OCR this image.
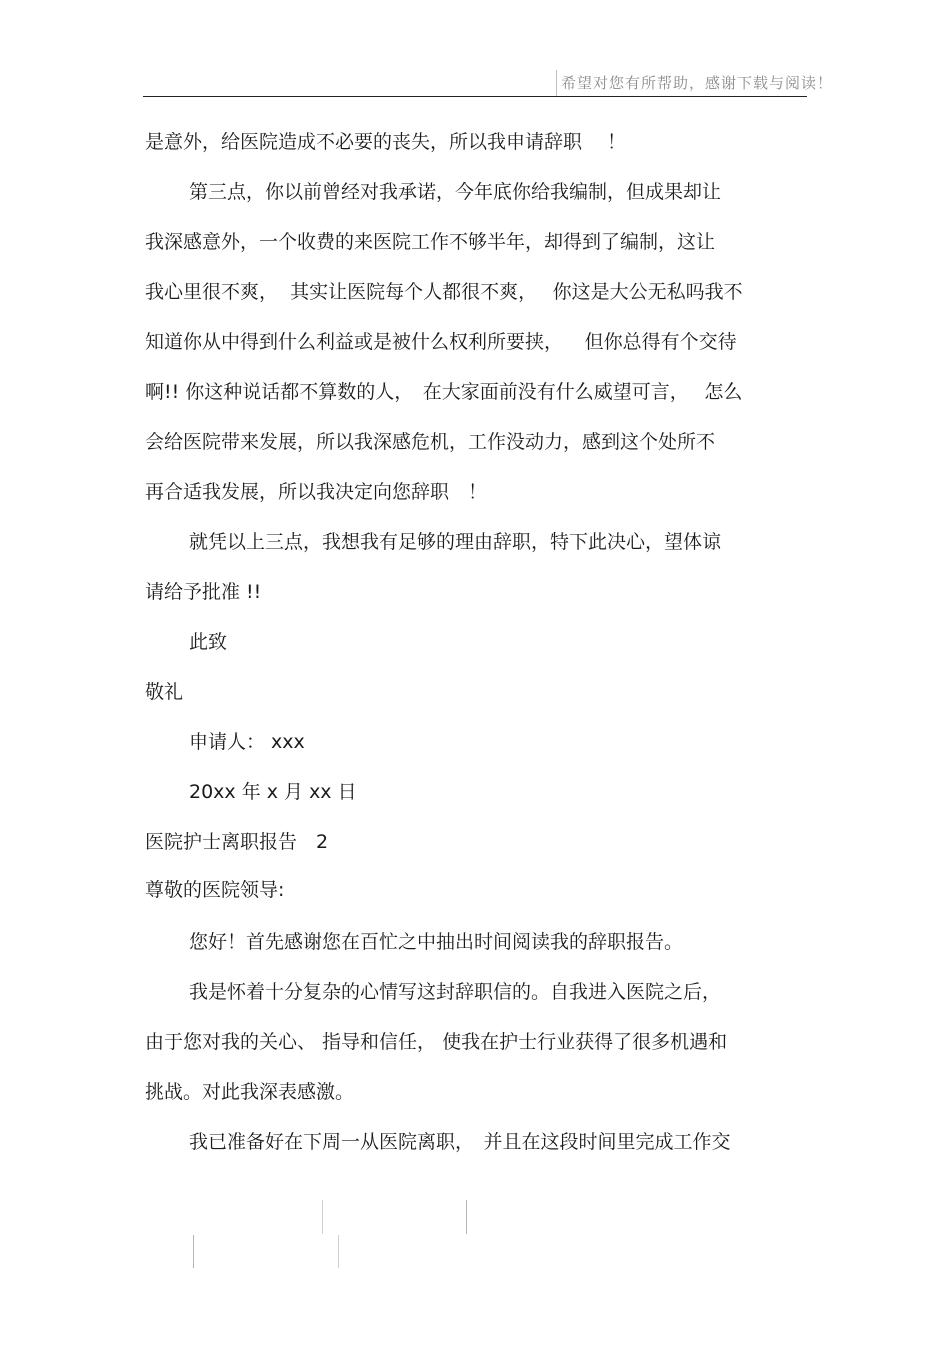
希望对您有所帮助，感谢下载与阅读！
是意外，给医院造成不必要的丧失，所以我申请辞职　 ！
第三点，你以前曾经对我承诺，今年底你给我编制，但成果却让
我深感意外，一个收费的来医院工作不够半年，却得到了编制，这让
我心里很不爽，  其实让医院每个人都很不爽，　 你这是大公无私吗我不
知道你从中得到什么利益或是被什么权利所要挟，　  但你总得有个交待
啊!! 你这种说话都不算数的人，　在大家面前没有什么威望可言，　 怎么
会给医院带来发展，所以我深感危机，工作没动力，感到这个处所不
再合适我发展，所以我决定向您辞职　！
就凭以上三点，我想我有足够的理由辞职，特下此决心，望体谅
请给予批准 !!
此致
敬礼
申请人： xxx
20xx 年 x 月 xx 日
医院护士离职报告　2
尊敬的医院领导:
您好！首先感谢您在百忙之中抽出时间阅读我的辞职报告。
我是怀着十分复杂的心情写这封辞职信的。自我进入医院之后，
由于您对我的关心、 指导和信任， 使我在护士行业获得了很多机遇和
挑战。对此我深表感激。
我已准备好在下周一从医院离职，　并且在这段时间里完成工作交
